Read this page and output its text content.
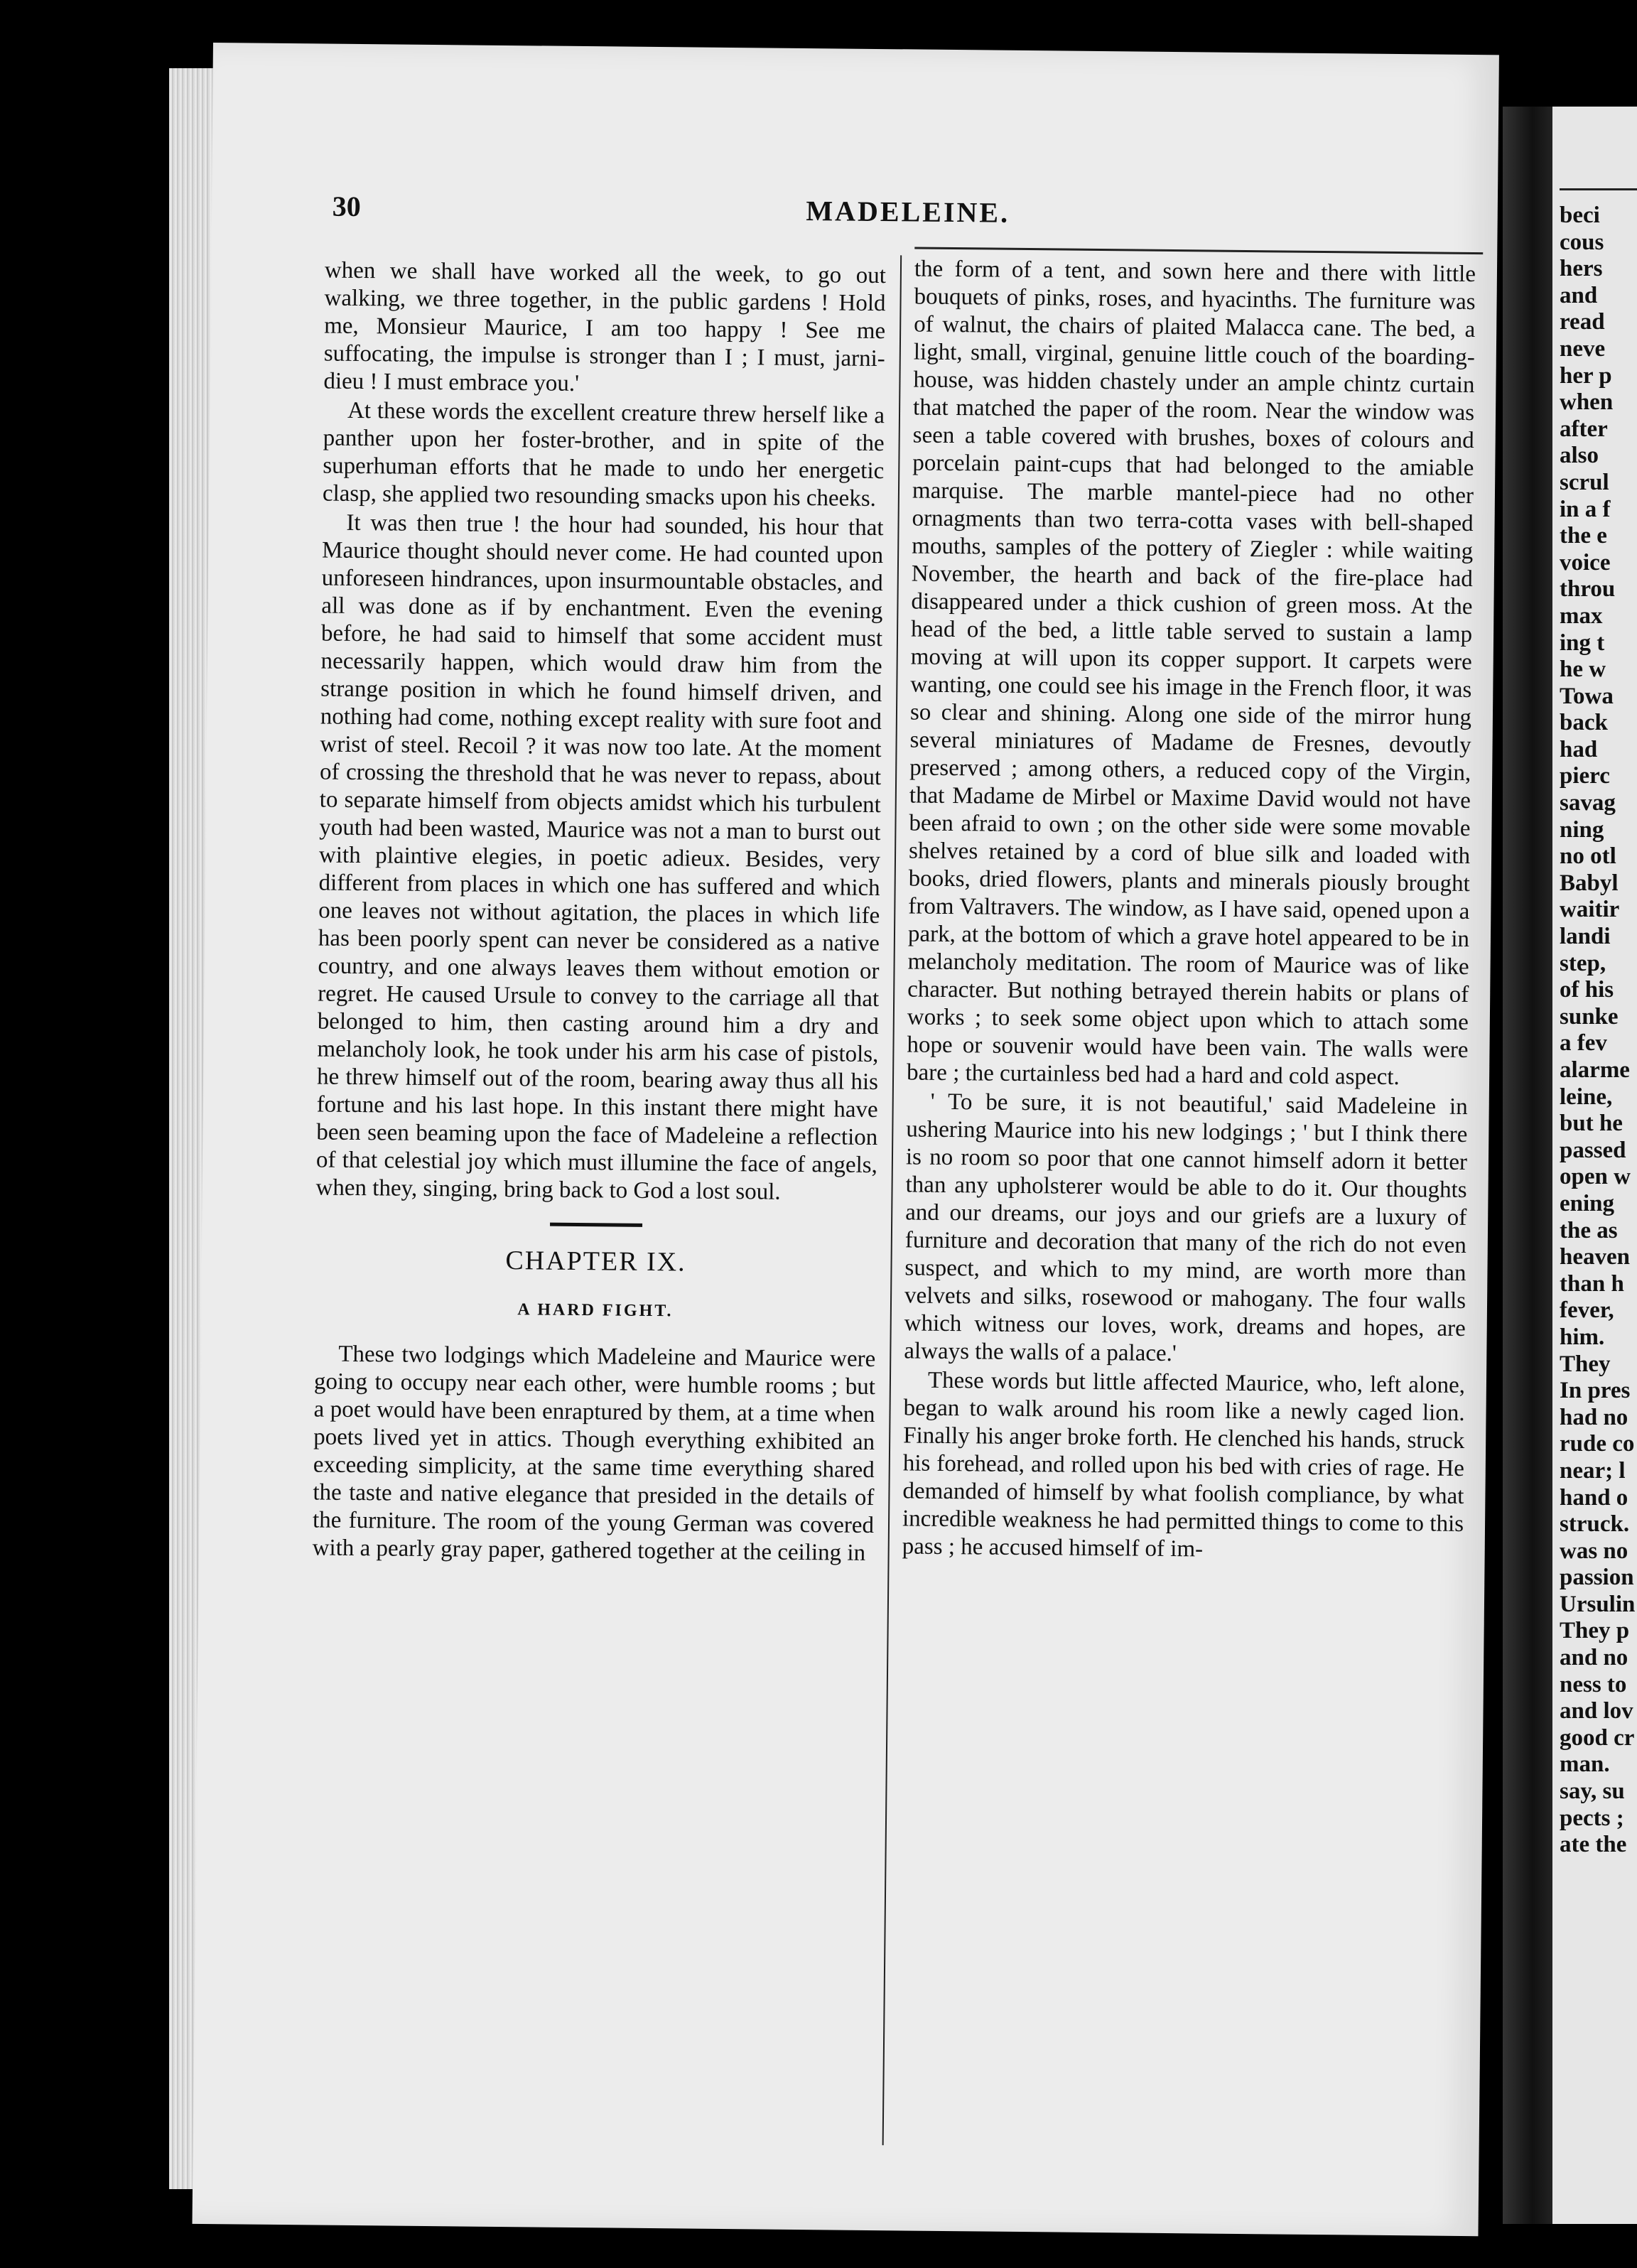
30	MADELEINE.

when we shall have worked all the week, to go out walking, we three together, in the public gardens ! Hold me, Monsieur Maurice, I am too happy ! See me suffocating, the impulse is stronger than I ; I must, jarni-dieu ! I must embrace you.'

At these words the excellent creature threw herself like a panther upon her foster-brother, and in spite of the superhuman efforts that he made to undo her energetic clasp, she applied two resounding smacks upon his cheeks.

It was then true ! the hour had sounded, his hour that Maurice thought should never come. He had counted upon unforeseen hindrances, upon insurmountable obstacles, and all was done as if by enchantment. Even the evening before, he had said to himself that some accident must necessarily happen, which would draw him from the strange position in which he found himself driven, and nothing had come, nothing except reality with sure foot and wrist of steel. Recoil ? it was now too late. At the moment of crossing the threshold that he was never to repass, about to separate himself from objects amidst which his turbulent youth had been wasted, Maurice was not a man to burst out with plaintive elegies, in poetic adieux. Besides, very different from places in which one has suffered and which one leaves not without agitation, the places in which life has been poorly spent can never be considered as a native country, and one always leaves them without emotion or regret. He caused Ursule to convey to the carriage all that belonged to him, then casting around him a dry and melancholy look, he took under his arm his case of pistols, he threw himself out of the room, bearing away thus all his fortune and his last hope. In this instant there might have been seen beaming upon the face of Madeleine a reflection of that celestial joy which must illumine the face of angels, when they, singing, bring back to God a lost soul.

CHAPTER IX.
A HARD FIGHT.

These two lodgings which Madeleine and Maurice were going to occupy near each other, were humble rooms ; but a poet would have been enraptured by them, at a time when poets lived yet in attics. Though everything exhibited an exceeding simplicity, at the same time everything shared the taste and native elegance that presided in the details of the furniture. The room of the young German was covered with a pearly gray paper, gathered together at the ceiling in

the form of a tent, and sown here and there with little bouquets of pinks, roses, and hyacinths. The furniture was of walnut, the chairs of plaited Malacca cane. The bed, a light, small, virginal, genuine little couch of the boarding-house, was hidden chastely under an ample chintz curtain that matched the paper of the room. Near the window was seen a table covered with brushes, boxes of colours and porcelain paint-cups that had belonged to the amiable marquise. The marble mantel-piece had no other ornagments than two terra-cotta vases with bell-shaped mouths, samples of the pottery of Ziegler : while waiting November, the hearth and back of the fire-place had disappeared under a thick cushion of green moss. At the head of the bed, a little table served to sustain a lamp moving at will upon its copper support. It carpets were wanting, one could see his image in the French floor, it was so clear and shining. Along one side of the mirror hung several miniatures of Madame de Fresnes, devoutly preserved ; among others, a reduced copy of the Virgin, that Madame de Mirbel or Maxime David would not have been afraid to own ; on the other side were some movable shelves retained by a cord of blue silk and loaded with books, dried flowers, plants and minerals piously brought from Valtravers. The window, as I have said, opened upon a park, at the bottom of which a grave hotel appeared to be in melancholy meditation. The room of Maurice was of like character. But nothing betrayed therein habits or plans of works ; to seek some object upon which to attach some hope or souvenir would have been vain. The walls were bare ; the curtainless bed had a hard and cold aspect.

' To be sure, it is not beautiful,' said Madeleine in ushering Maurice into his new lodgings ; ' but I think there is no room so poor that one cannot himself adorn it better than any upholsterer would be able to do it. Our thoughts and our dreams, our joys and our griefs are a luxury of furniture and decoration that many of the rich do not even suspect, and which to my mind, are worth more than velvets and silks, rosewood or mahogany. The four walls which witness our loves, work, dreams and hopes, are always the walls of a palace.'

These words but little affected Maurice, who, left alone, began to walk around his room like a newly caged lion. Finally his anger broke forth. He clenched his hands, struck his forehead, and rolled upon his bed with cries of rage. He demanded of himself by what foolish compliance, by what incredible weakness he had permitted things to come to this pass ; he accused himself of im-

beci
cous
hers
and
read
neve
her p
when
after
also
scrul
in a f
the e
voice
throu
max
ing t
he w
Towa
back
had
pierc
savag
ning
no otl
Babyl
waitir
landi
step,
of his
sunke
a fev
alarme
leine,
but he
passed
open w
ening
the as
heaven
than h
fever,
him.
They
In pres
had no
rude co
near; l
hand o
struck.
was no
passion
Ursulin
They p
and no
ness to
and lov
good cr
man.
say, su
pects ;
ate the
